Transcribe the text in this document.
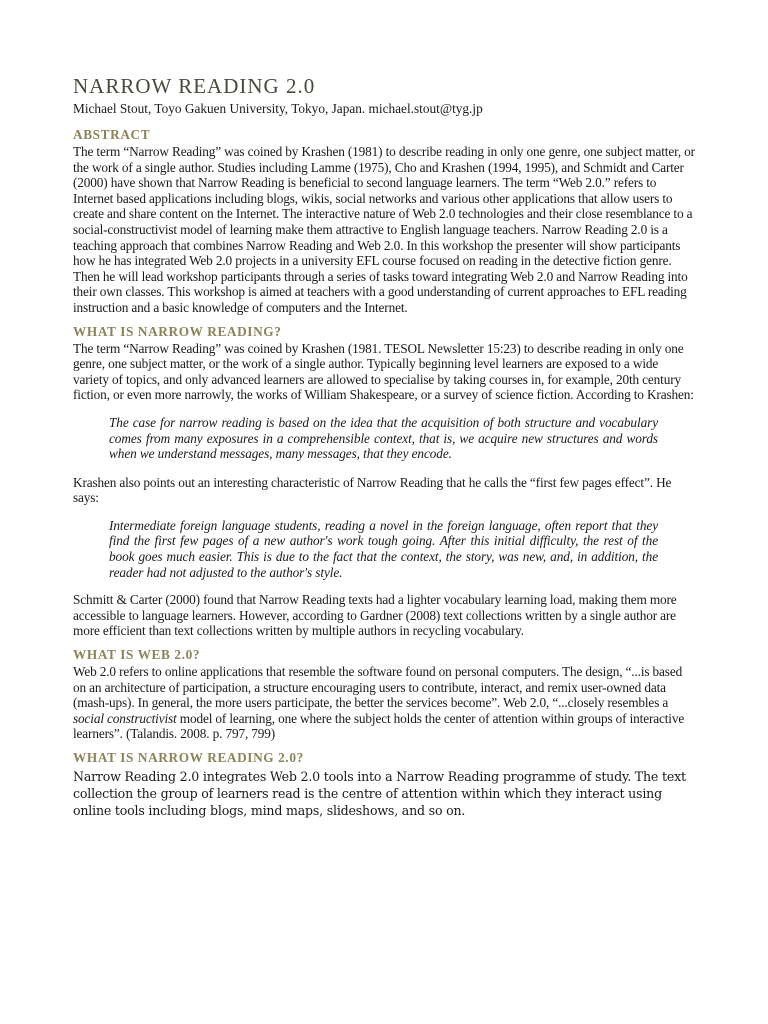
NARROW READING 2.0

Michael Stout, Toyo Gakuen University, Tokyo, Japan. michael.stout@tyg.jp

ABSTRACT

The term “Narrow Reading” was coined by Krashen (1981) to describe reading in only one genre, one subject matter, or the work of a single author. Studies including Lamme (1975), Cho and Krashen (1994, 1995), and Schmidt and Carter (2000) have shown that Narrow Reading is beneficial to second language learners. The term “Web 2.0.” refers to Internet based applications including blogs, wikis, social networks and various other applications that allow users to create and share content on the Internet. The interactive nature of Web 2.0 technologies and their close resemblance to a social-constructivist model of learning make them attractive to English language teachers. Narrow Reading 2.0 is a teaching approach that combines Narrow Reading and Web 2.0. In this workshop the presenter will show participants how he has integrated Web 2.0 projects in a university EFL course focused on reading in the detective fiction genre. Then he will lead workshop participants through a series of tasks toward integrating Web 2.0 and Narrow Reading into their own classes. This workshop is aimed at teachers with a good understanding of current approaches to EFL reading instruction and a basic knowledge of computers and the Internet.

WHAT IS NARROW READING?

The term “Narrow Reading” was coined by Krashen (1981. TESOL Newsletter 15:23) to describe reading in only one genre, one subject matter, or the work of a single author. Typically beginning level learners are exposed to a wide variety of topics, and only advanced learners are allowed to specialise by taking courses in, for example, 20th century fiction, or even more narrowly, the works of William Shakespeare, or a survey of science fiction. According to Krashen:

The case for narrow reading is based on the idea that the acquisition of both structure and vocabulary comes from many exposures in a comprehensible context, that is, we acquire new structures and words when we understand messages, many messages, that they encode.

Krashen also points out an interesting characteristic of Narrow Reading that he calls the “first few pages effect”. He says:

Intermediate foreign language students, reading a novel in the foreign language, often report that they find the first few pages of a new author's work tough going. After this initial difficulty, the rest of the book goes much easier. This is due to the fact that the context, the story, was new, and, in addition, the reader had not adjusted to the author's style.

Schmitt & Carter (2000) found that Narrow Reading texts had a lighter vocabulary learning load, making them more accessible to language learners. However, according to Gardner (2008) text collections written by a single author are more efficient than text collections written by multiple authors in recycling vocabulary.

WHAT IS WEB 2.0?

Web 2.0 refers to online applications that resemble the software found on personal computers. The design, “...is based on an architecture of participation, a structure encouraging users to contribute, interact, and remix user-owned data (mash-ups). In general, the more users participate, the better the services become”. Web 2.0, “...closely resembles a social constructivist model of learning, one where the subject holds the center of attention within groups of interactive learners”. (Talandis. 2008. p. 797, 799)

WHAT IS NARROW READING 2.0?

Narrow Reading 2.0 integrates Web 2.0 tools into a Narrow Reading programme of study. The text collection the group of learners read is the centre of attention within which they interact using online tools including blogs, mind maps, slideshows, and so on.
